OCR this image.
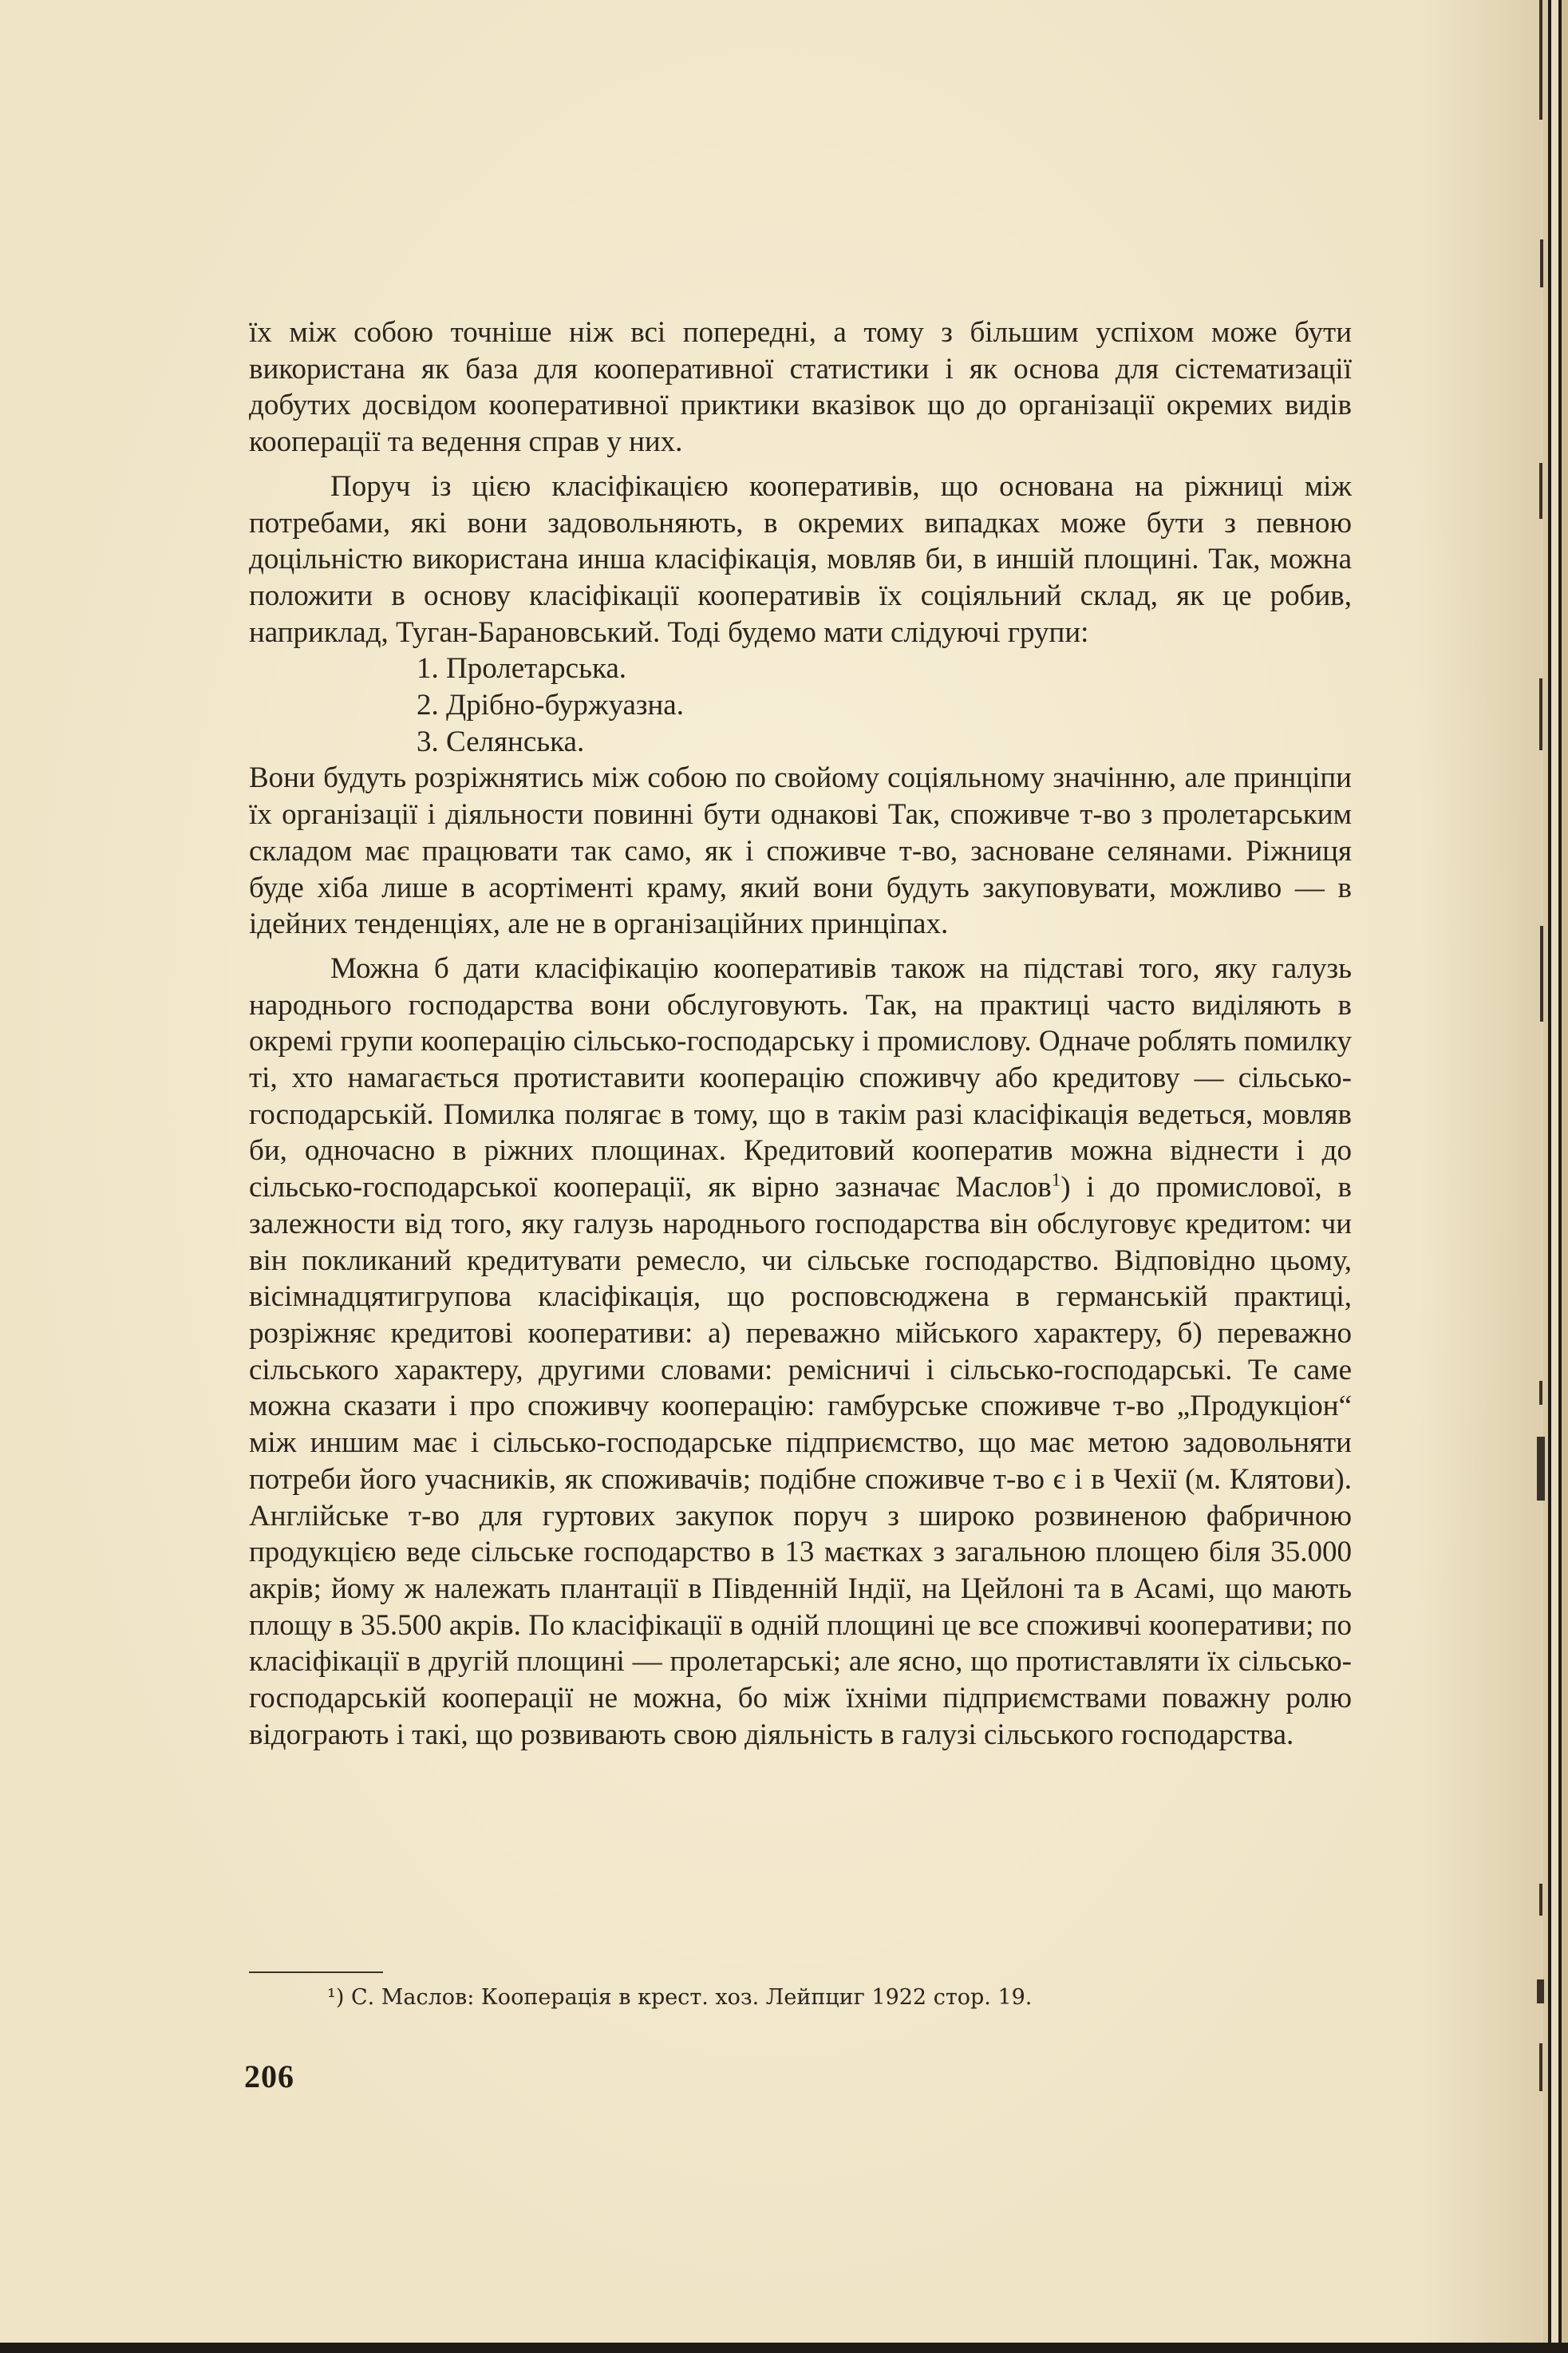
їх між собою точніше ніж всі попередні, а тому з більшим успіхом може бути використана як база для кооперативної статистики і як основа для сістематизації добутих досвідом кооперативної приктики вказівок що до організації окремих видів кооперації та ведення справ у них.

Поруч із цією класіфікацією кооперативів, що основана на ріжниці між потребами, які вони задовольняють, в окремих випадках може бути з певною доцільністю використана инша класіфікація, мовляв би, в иншій площині. Так, можна положити в основу класіфікації кооперативів їх соціяльний склад, як це робив, наприклад, Туган-Барановський. Тоді будемо мати слідуючі групи:

1. Пролетарська.

2. Дрібно-буржуазна.

3. Селянська.

Вони будуть розріжнятись між собою по свойому соціяльному значінню, але принціпи їх організації і діяльности повинні бути однакові Так, споживче т-во з пролетарським складом має працювати так само, як і споживче т-во, засноване селянами. Ріжниця буде хіба лише в асортіменті краму, який вони будуть закуповувати, можливо — в ідейних тенденціях, але не в організаційних принціпах.

Можна б дати класіфікацію кооперативів також на підставі того, яку галузь народнього господарства вони обслуговують. Так, на практиці часто виділяють в окремі групи кооперацію сільсько-господарську і промислову. Одначе роблять помилку ті, хто намагається протиставити кооперацію споживчу або кредитову — сільсько-господарській. Помилка полягає в тому, що в такім разі класіфікація ведеться, мовляв би, одночасно в ріжних площинах. Кредитовий кооператив можна віднести і до сільсько-господарської кооперації, як вірно зазначає Маслов$^1$) і до промислової, в залежности від того, яку галузь народнього господарства він обслуговує кредитом: чи він покликаний кредитувати ремесло, чи сільське господарство. Відповідно цьому, вісімнадцятигрупова класіфікація, що росповсюджена в германській практиці, розріжняє кредитові кооперативи: а) переважно мійського характеру, б) переважно сільського характеру, другими словами: ремісничі і сільсько-господарські. Те саме можна сказати і про споживчу кооперацію: гамбурське споживче т-во „Продукціон“ між иншим має і сільсько-господарське підприємство, що має метою задовольняти потреби його учасників, як споживачів; подібне споживче т-во є і в Чехії (м. Клятови). Англійське т-во для гуртових закупок поруч з широко розвиненою фабричною продукцією веде сільське господарство в 13 маєтках з загальною площею біля 35.000 акрів; йому ж належать плантації в Південній Індії, на Цейлоні та в Асамі, що мають площу в 35.500 акрів. По класіфікації в одній площині це все споживчі кооперативи; по класіфікації в другій площині — пролетарські; але ясно, що протиставляти їх сільсько-господарській кооперації не можна, бо між їхніми підприємствами поважну ролю відограють і такі, що розвивають свою діяльність в галузі сільського господарства.

¹) С. Маслов: Кооперація в крест. хоз. Лейпциг 1922 стор. 19.
206
